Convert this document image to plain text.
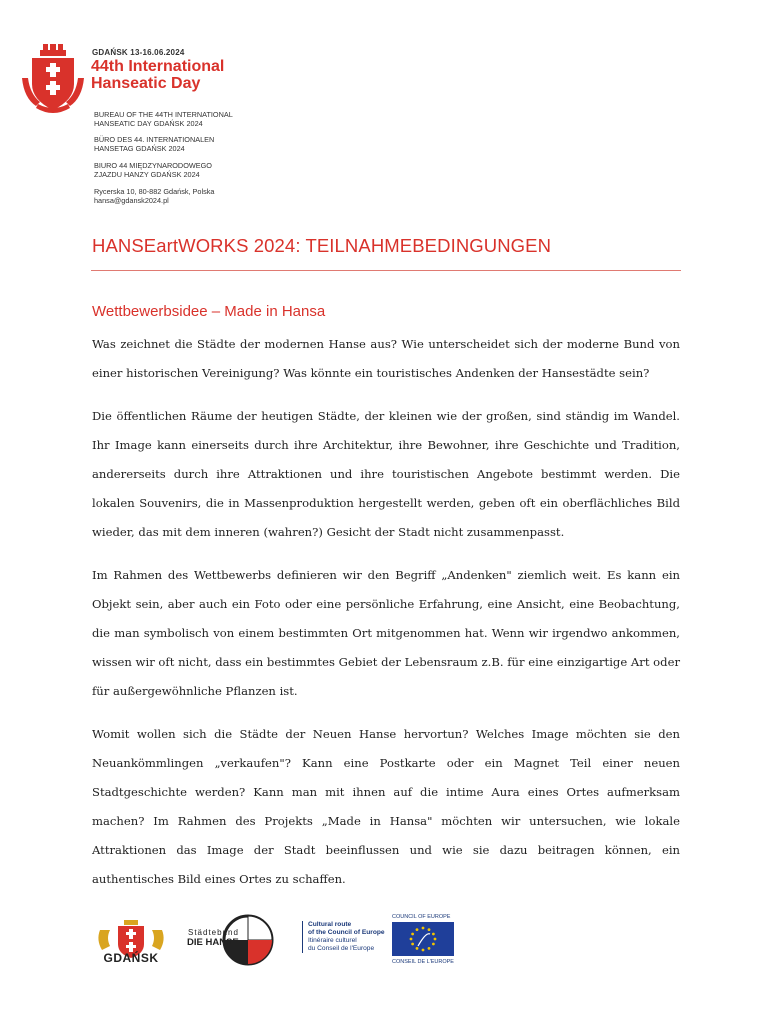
GDAŃSK 13-16.06.2024
44th International
Hanseatic Day
BUREAU OF THE 44TH INTERNATIONAL
HANSEATIC DAY GDAŃSK 2024
BÜRO DES 44. INTERNATIONALEN
HANSETAG GDAŃSK 2024
BIURO 44 MIĘDZYNARODOWEGO
ZJAZDU HANZY GDAŃSK 2024
Rycerska 10, 80-882 Gdańsk, Polska
hansa@gdansk2024.pl
HANSEartWORKS 2024: TEILNAHMEBEDINGUNGEN
Wettbewerbsidee – Made in Hansa

Was zeichnet die Städte der modernen Hanse aus? Wie unterscheidet sich der moderne Bund von einer historischen Vereinigung? Was könnte ein touristisches Andenken der Hansestädte sein?

Die öffentlichen Räume der heutigen Städte, der kleinen wie der großen, sind ständig im Wandel. Ihr Image kann einerseits durch ihre Architektur, ihre Bewohner, ihre Geschichte und Tradition, andererseits durch ihre Attraktionen und ihre touristischen Angebote bestimmt werden. Die lokalen Souvenirs, die in Massenproduktion hergestellt werden, geben oft ein oberflächliches Bild wieder, das mit dem inneren (wahren?) Gesicht der Stadt nicht zusammenpasst.

Im Rahmen des Wettbewerbs definieren wir den Begriff „Andenken" ziemlich weit. Es kann ein Objekt sein, aber auch ein Foto oder eine persönliche Erfahrung, eine Ansicht, eine Beobachtung, die man symbolisch von einem bestimmten Ort mitgenommen hat. Wenn wir irgendwo ankommen, wissen wir oft nicht, dass ein bestimmtes Gebiet der Lebensraum z.B. für eine einzigartige Art oder für außergewöhnliche Pflanzen ist.

Womit wollen sich die Städte der Neuen Hanse hervortun? Welches Image möchten sie den Neuankömmlingen „verkaufen"? Kann eine Postkarte oder ein Magnet Teil einer neuen Stadtgeschichte werden? Kann man mit ihnen auf die intime Aura eines Ortes aufmerksam machen? Im Rahmen des Projekts „Made in Hansa" möchten wir untersuchen, wie lokale Attraktionen das Image der Stadt beeinflussen und wie sie dazu beitragen können, ein authentisches Bild eines Ortes zu schaffen.

GDAŃSK
Städtebund
DIE HANSE
Cultural route
of the Council of Europe
Itinéraire culturel
du Conseil de l'Europe
COUNCIL OF EUROPE
CONSEIL DE L'EUROPE
